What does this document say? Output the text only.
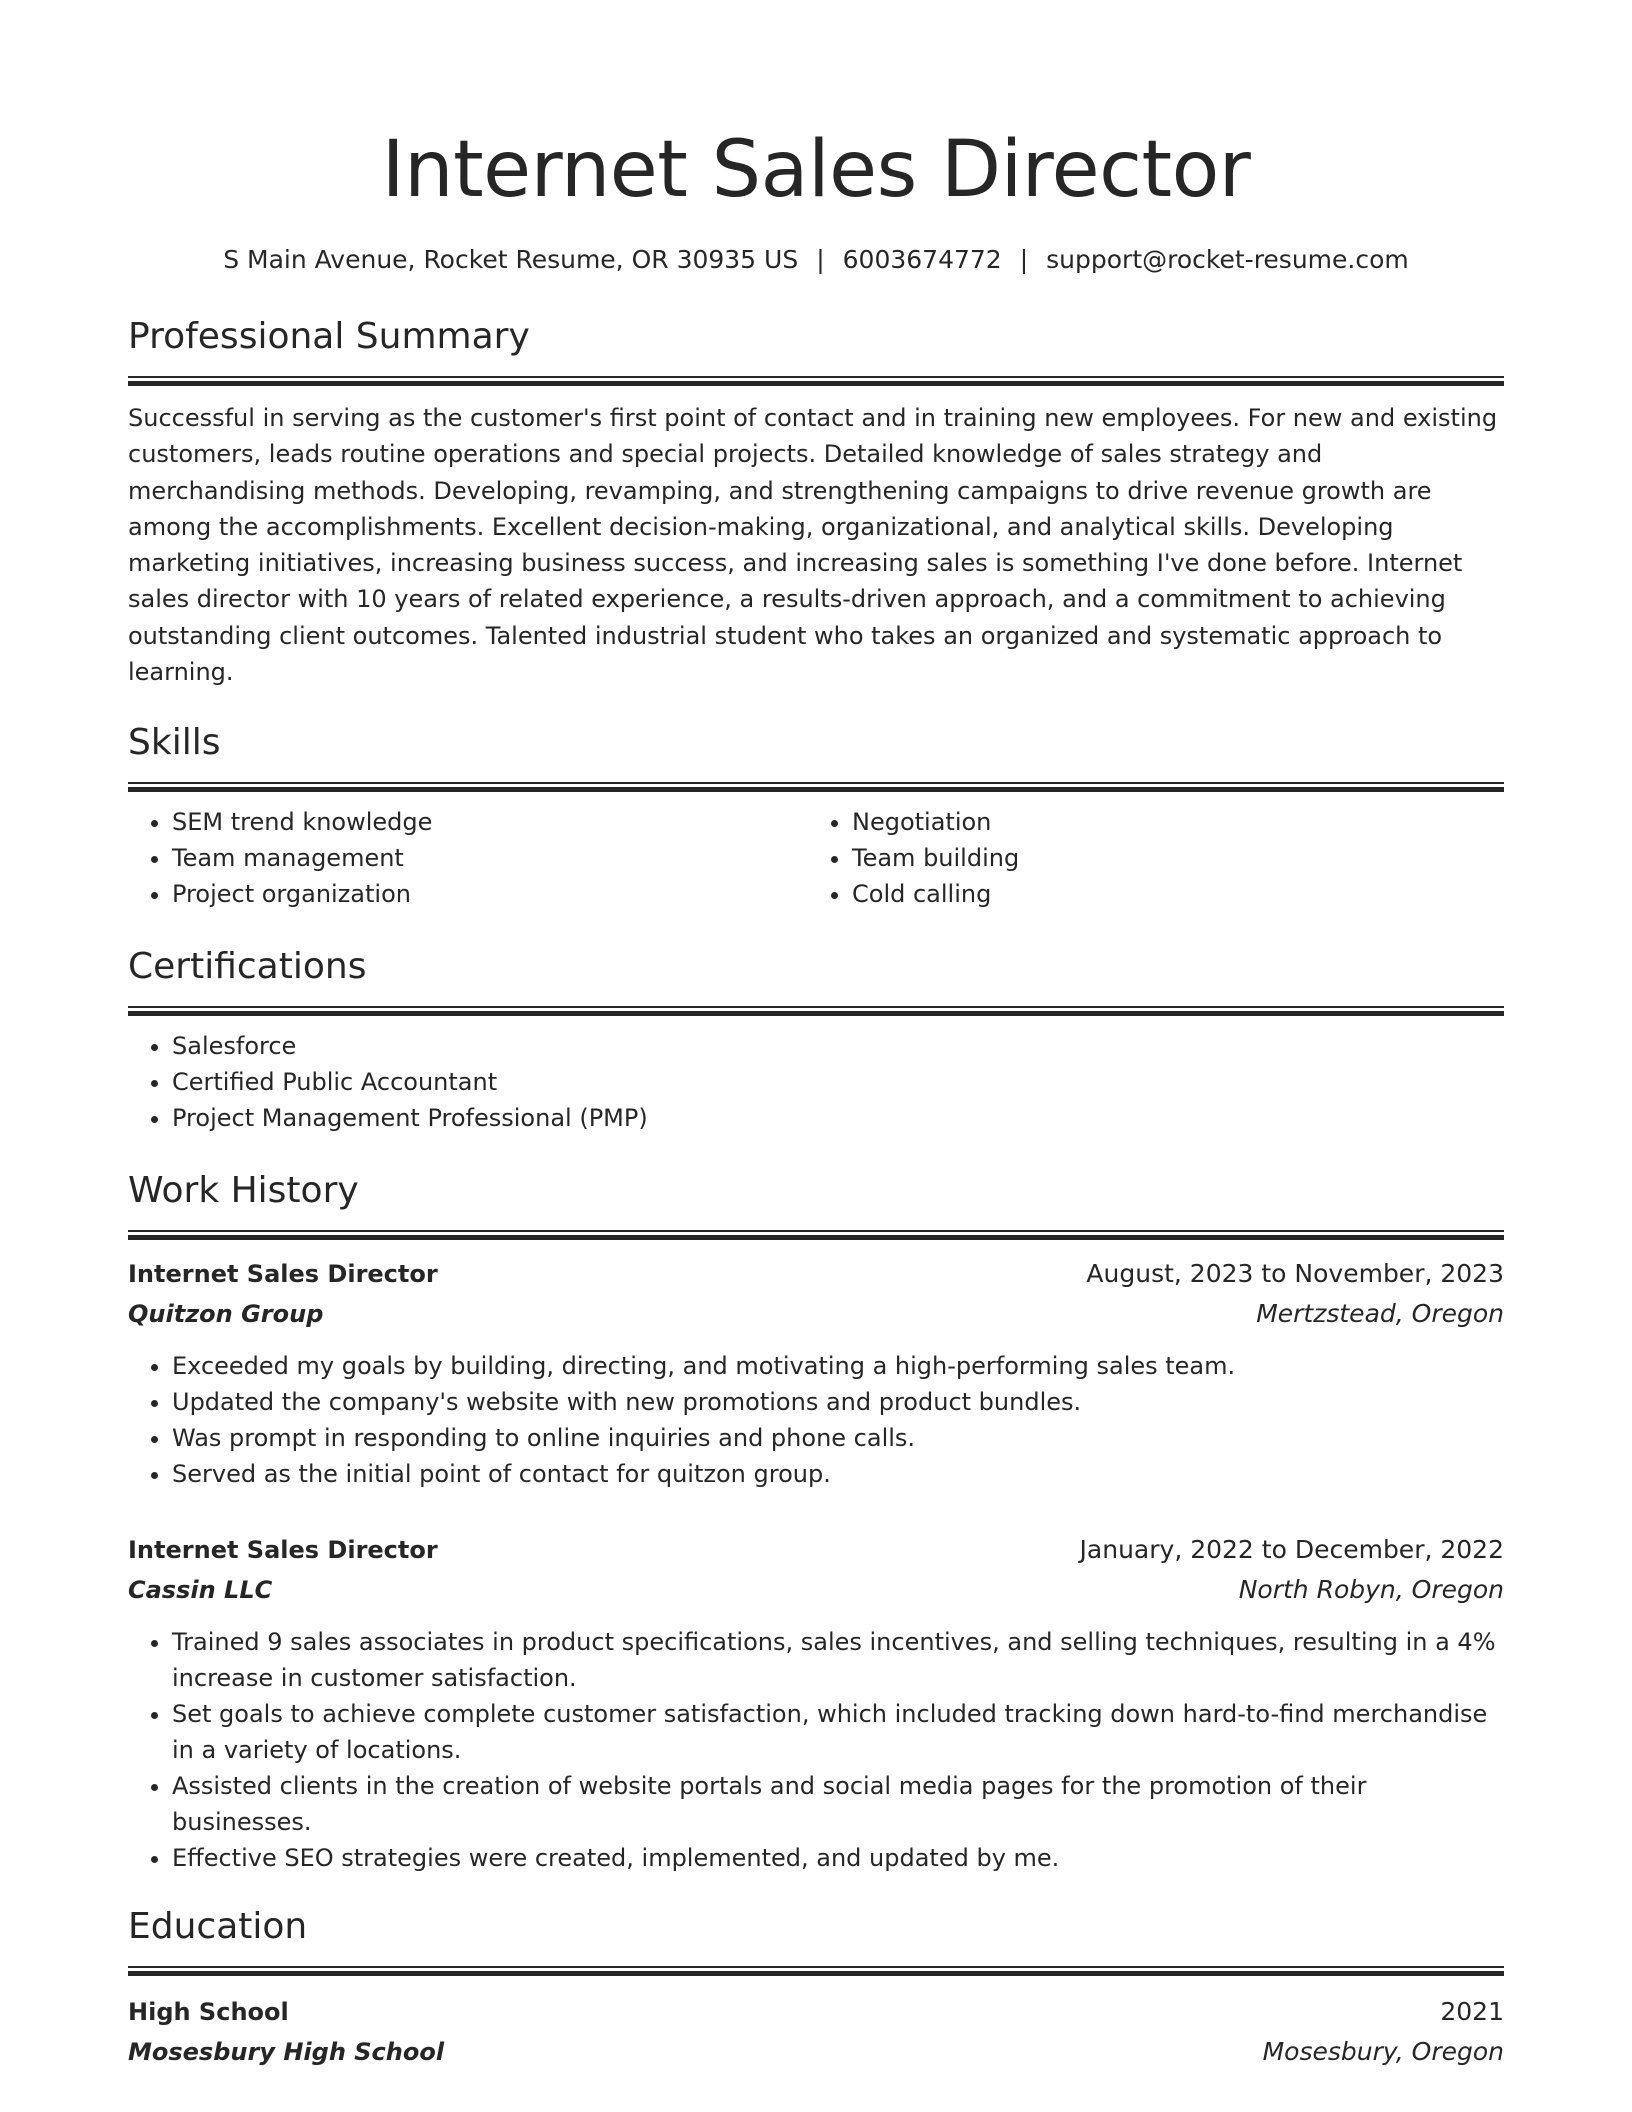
Internet Sales Director
S Main Avenue, Rocket Resume, OR 30935 US | 6003674772 | support@rocket-resume.com
Professional Summary

Successful in serving as the customer's first point of contact and in training new employees. For new and existing customers, leads routine operations and special projects. Detailed knowledge of sales strategy and merchandising methods. Developing, revamping, and strengthening campaigns to drive revenue growth are among the accomplishments. Excellent decision-making, organizational, and analytical skills. Developing marketing initiatives, increasing business success, and increasing sales is something I've done before. Internet sales director with 10 years of related experience, a results-driven approach, and a commitment to achieving outstanding client outcomes. Talented industrial student who takes an organized and systematic approach to learning.

Skills
• SEM trend knowledge
• Team management
• Project organization
• Negotiation
• Team building
• Cold calling
Certifications
• Salesforce
• Certified Public Accountant
• Project Management Professional (PMP)
Work History
Internet Sales Director	August, 2023 to November, 2023
Quitzon Group	Mertzstead, Oregon
• Exceeded my goals by building, directing, and motivating a high-performing sales team.
• Updated the company's website with new promotions and product bundles.
• Was prompt in responding to online inquiries and phone calls.
• Served as the initial point of contact for quitzon group.
Internet Sales Director	January, 2022 to December, 2022
Cassin LLC	North Robyn, Oregon
• Trained 9 sales associates in product specifications, sales incentives, and selling techniques, resulting in a 4% increase in customer satisfaction.
• Set goals to achieve complete customer satisfaction, which included tracking down hard-to-find merchandise in a variety of locations.
• Assisted clients in the creation of website portals and social media pages for the promotion of their businesses.
• Effective SEO strategies were created, implemented, and updated by me.
Education
High School	2021
Mosesbury High School	Mosesbury, Oregon
